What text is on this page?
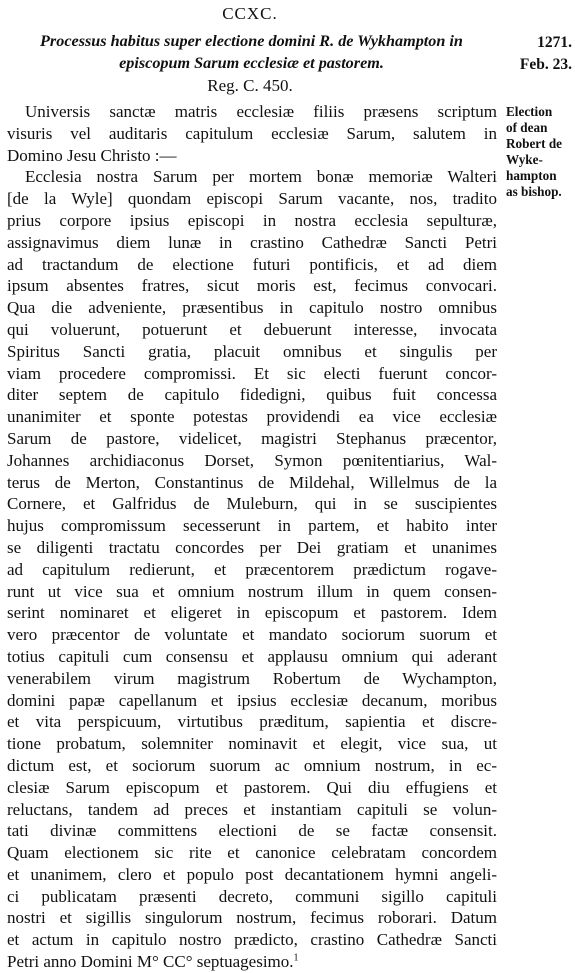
CCXC.
Processus habitus super electione domini R. de Wykhampton in
episcopum Sarum ecclesiæ et pastorem.
Reg. C. 450.
1271.
Feb. 23.
Election
of dean
Robert de
Wyke-
hampton
as bishop.
Universis sanctæ matris ecclesiæ filiis præsens scriptum
visuris vel auditaris capitulum ecclesiæ Sarum, salutem in
Domino Jesu Christo :—
Ecclesia nostra Sarum per mortem bonæ memoriæ Walteri
[de la Wyle] quondam episcopi Sarum vacante, nos, tradito
prius corpore ipsius episcopi in nostra ecclesia sepulturæ,
assignavimus diem lunæ in crastino Cathedræ Sancti Petri
ad tractandum de electione futuri pontificis, et ad diem
ipsum absentes fratres, sicut moris est, fecimus convocari.
Qua die adveniente, præsentibus in capitulo nostro omnibus
qui voluerunt, potuerunt et debuerunt interesse, invocata
Spiritus Sancti gratia, placuit omnibus et singulis per
viam procedere compromissi. Et sic electi fuerunt concor-
diter septem de capitulo fidedigni, quibus fuit concessa
unanimiter et sponte potestas providendi ea vice ecclesiæ
Sarum de pastore, videlicet, magistri Stephanus præcentor,
Johannes archidiaconus Dorset, Symon pœnitentiarius, Wal-
terus de Merton, Constantinus de Mildehal, Willelmus de la
Cornere, et Galfridus de Muleburn, qui in se suscipientes
hujus compromissum secesserunt in partem, et habito inter
se diligenti tractatu concordes per Dei gratiam et unanimes
ad capitulum redierunt, et præcentorem prædictum rogave-
runt ut vice sua et omnium nostrum illum in quem consen-
serint nominaret et eligeret in episcopum et pastorem. Idem
vero præcentor de voluntate et mandato sociorum suorum et
totius capituli cum consensu et applausu omnium qui aderant
venerabilem virum magistrum Robertum de Wychampton,
domini papæ capellanum et ipsius ecclesiæ decanum, moribus
et vita perspicuum, virtutibus præditum, sapientia et discre-
tione probatum, solemniter nominavit et elegit, vice sua, ut
dictum est, et sociorum suorum ac omnium nostrum, in ec-
clesiæ Sarum episcopum et pastorem. Qui diu effugiens et
reluctans, tandem ad preces et instantiam capituli se volun-
tati divinæ committens electioni de se factæ consensit.
Quam electionem sic rite et canonice celebratam concordem
et unanimem, clero et populo post decantationem hymni angeli-
ci publicatam præsenti decreto, communi sigillo capituli
nostri et sigillis singulorum nostrum, fecimus roborari. Datum
et actum in capitulo nostro prædicto, crastino Cathedræ Sancti
Petri anno Domini M° CC° septuagesimo.$^1$
